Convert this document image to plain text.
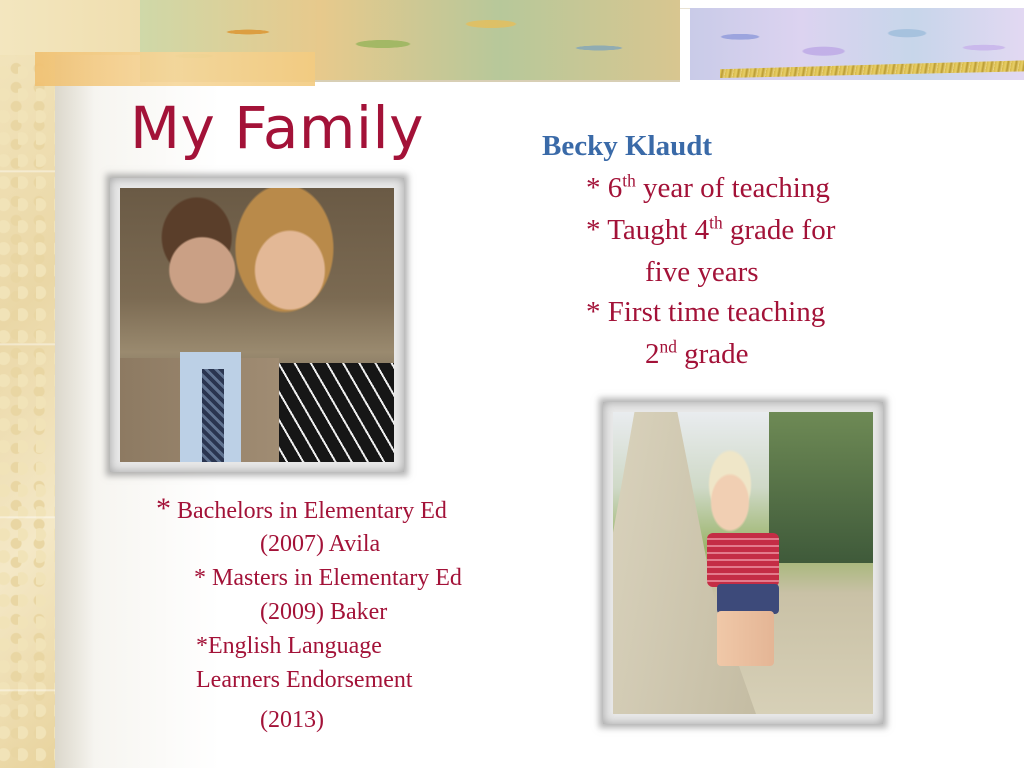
My Family	Becky Klaudt

* 6th year of teaching
* Taught 4th grade for
five years
* First time teaching
2nd grade
* Bachelors in Elementary Ed
(2007) Avila
* Masters in Elementary Ed
(2009) Baker
*English Language
Learners Endorsement
(2013)
